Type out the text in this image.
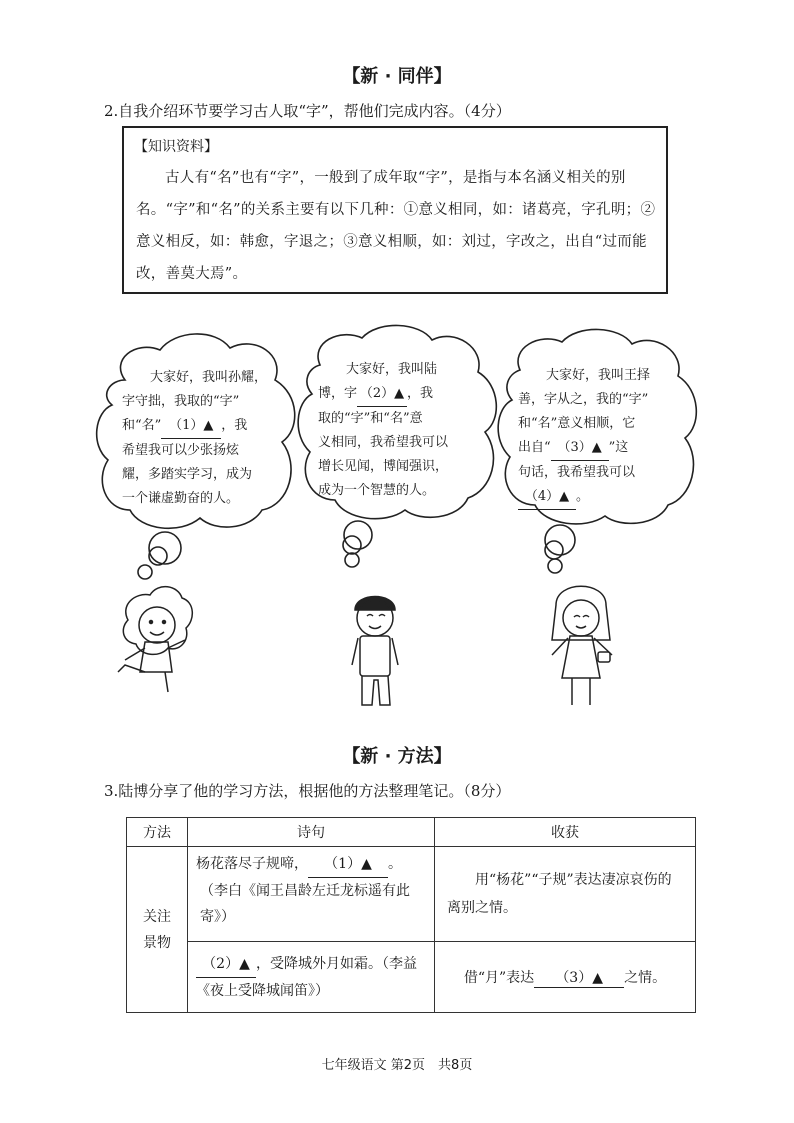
【新 · 同伴】
2.自我介绍环节要学习古人取“字”，帮他们完成内容。（4分）
【知识资料】
古人有“名”也有“字”，一般到了成年取“字”，是指与本名涵义相关的别名。“字”和“名”的关系主要有以下几种：①意义相同，如：诸葛亮，字孔明；②意义相反，如：韩愈，字退之；③意义相顺，如：刘过，字改之，出自“过而能改，善莫大焉”。
大家好，我叫孙耀，
字守拙，我取的“字”
和“名” （1）▲ ，我
希望我可以少张扬炫
耀，多踏实学习，成为
一个谦虚勤奋的人。
大家好，我叫陆
博，字 （2）▲ ，我
取的“字”和“名”意
义相同，我希望我可以
增长见闻，博闻强识，
成为一个智慧的人。
大家好，我叫王择
善，字从之，我的“字”
和“名”意义相顺，它
出自“ （3）▲ ”这
句话，我希望我可以
（4）▲ 。
【新 · 方法】
3.陆博分享了他的学习方法，根据他的方法整理笔记。（8分）
方法	诗句	收获
关注景物	杨花落尽子规啼， （1）▲ 。
（李白《闻王昌龄左迁龙标遥有此寄》）	用“杨花”“子规”表达凄凉哀伤的离别之情。
	（2）▲ ，受降城外月如霜。（李益《夜上受降城闻笛》）	借“月”表达 （3）▲ 之情。
七年级语文 第2页　共8页
